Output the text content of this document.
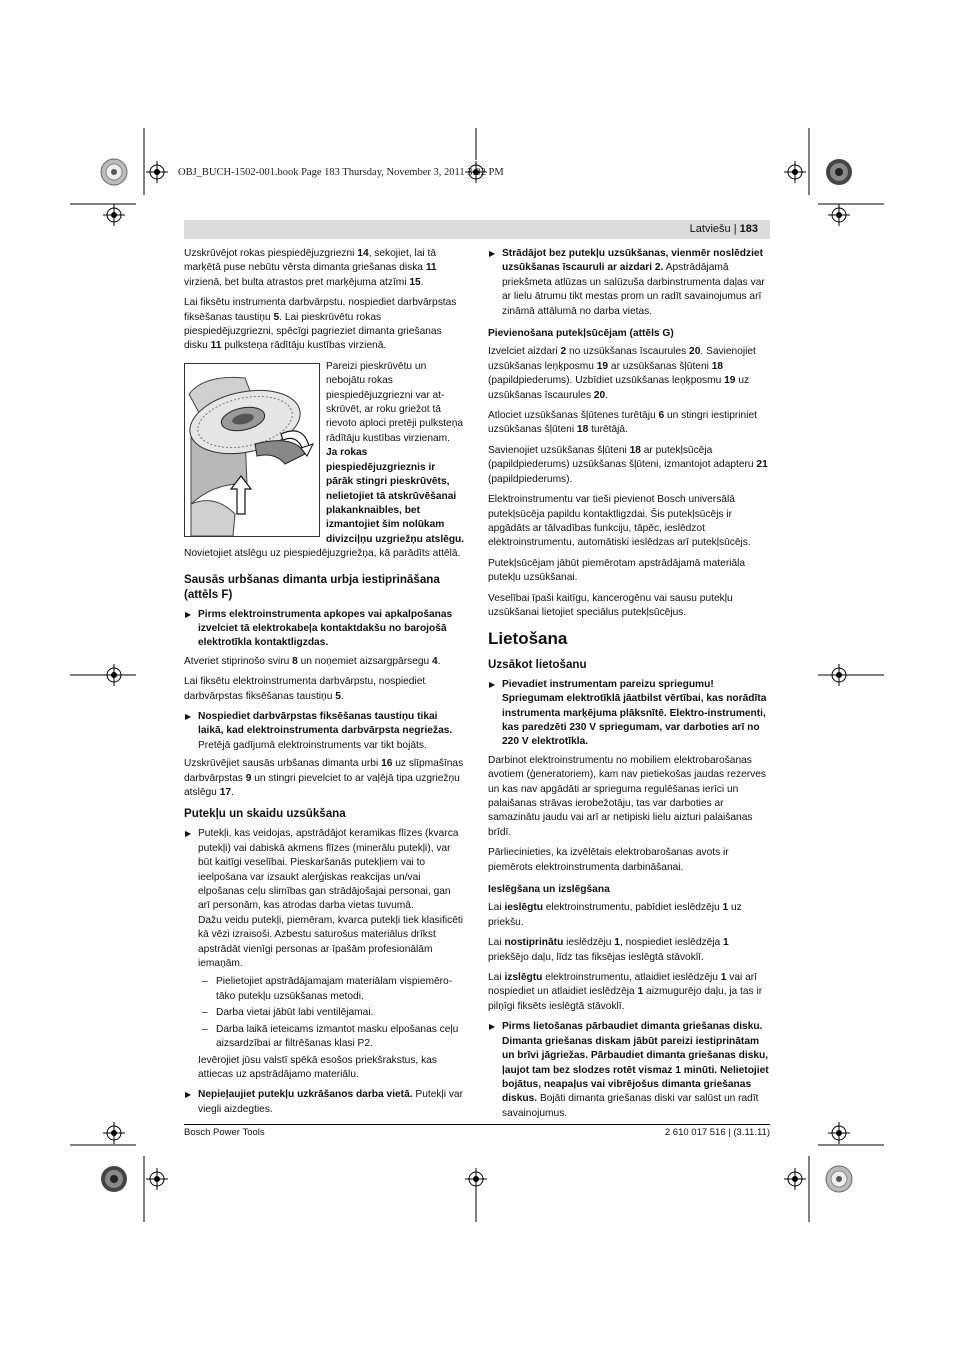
OBJ_BUCH-1502-001.book Page 183 Thursday, November 3, 2011 3:02 PM
Latviešu | 183

Uzskrūvējot rokas piespiedējuzgriezni 14, sekojiet, lai tā marķētā puse nebūtu vērsta dimanta griešanas diska 11 virzienā, bet bulta atrastos pret marķējuma atzīmi 15.

Lai fiksētu instrumenta darbvārpstu, nospiediet darbvārpstas fiksēšanas taustiņu 5. Lai pieskrūvētu rokas piespiedējuzgriezni, spēcīgi pagrieziet dimanta griešanas disku 11 pulksteņa rādītāju kustības virzienā.

Pareizi pieskrūvētu un nebojātu rokas piespiedējuzgriezni var at-skrūvēt, ar roku griežot tā rievoto aploci pretēji pulksteņa rādītāju kustības virzienam.
Ja rokas piespiedējuzgrieznis ir pārāk stingri pieskrūvēts, nelietojiet tā atskrūvēšanai plakanknaibles, bet izmantojiet šim nolūkam divizciļņu uzgriežņu atslēgu. Novietojiet atslēgu uz piespiedējuzgriežņa, kā parādīts attēlā.
Sausās urbšanas dimanta urbja iestiprināšana (attēls F)
▶ Pirms elektroinstrumenta apkopes vai apkalpošanas izvelciet tā elektrokabeļa kontaktdakšu no barojošā elektrotīkla kontaktligzdas.

Atveriet stiprinošo sviru 8 un noņemiet aizsargpārsegu 4.

Lai fiksētu elektroinstrumenta darbvārpstu, nospiediet darbvārpstas fiksēšanas taustiņu 5.

▶ Nospiediet darbvārpstas fiksēšanas taustiņu tikai laikā, kad elektroinstrumenta darbvārpsta negriežas. Pretējā gadījumā elektroinstruments var tikt bojāts.

Uzskrūvējiet sausās urbšanas dimanta urbi 16 uz slīpmašīnas darbvārpstas 9 un stingri pievelciet to ar vaļējā tipa uzgriežņu atslēgu 17.

Putekļu un skaidu uzsūkšana
▶ Putekļi, kas veidojas, apstrādājot keramikas flīzes (kvarca putekļi) vai dabiskā akmens flīzes (minerālu putekļi), var būt kaitīgi veselībai. Pieskaršanās putekļiem vai to ieelpošana var izsaukt alerģiskas reakcijas un/vai elpošanas ceļu slimības gan strādājošajai personai, gan arī personām, kas atrodas darba vietas tuvumā.
Dažu veidu putekļi, piemēram, kvarca putekļi tiek klasificēti kā vēzi izraisoši. Azbestu saturošus materiālus drīkst apstrādāt vienīgi personas ar īpašām profesionālām iemaņām.
– Pielietojiet apstrādājamajam materiālam vispiemēro-tāko putekļu uzsūkšanas metodi.
– Darba vietai jābūt labi ventilējamai.
– Darba laikā ieteicams izmantot masku elpošanas ceļu aizsardzībai ar filtrēšanas klasi P2.

Ievērojiet jūsu valstī spēkā esošos priekšrakstus, kas attiecas uz apstrādājamo materiālu.

▶ Nepieļaujiet putekļu uzkrāšanos darba vietā. Putekļi var viegli aizdegties.
▶ Strādājot bez putekļu uzsūkšanas, vienmēr noslēdziet uzsūkšanas īscauruli ar aizdari 2. Apstrādājamā priekšmeta atlūzas un salūzuša darbinstrumenta daļas var ar lielu ātrumu tikt mestas prom un radīt savainojumus arī zināmā attālumā no darba vietas.
Pievienošana putekļsūcējam (attēls G)

Izvelciet aizdari 2 no uzsūkšanas īscaurules 20. Savienojiet uzsūkšanas leņķposmu 19 ar uzsūkšanas šļūteni 18 (papildpiederums). Uzbīdiet uzsūkšanas leņķposmu 19 uz uzsūkšanas īscaurules 20.

Atlociet uzsūkšanas šļūtenes turētāju 6 un stingri iestipriniet uzsūkšanas šļūteni 18 turētājā.

Savienojiet uzsūkšanas šļūteni 18 ar putekļsūcēja (papildpiederums) uzsūkšanas šļūteni, izmantojot adapteru 21 (papildpiederums).

Elektroinstrumentu var tieši pievienot Bosch universālā putekļsūcēja papildu kontaktligzdai. Šis putekļsūcējs ir apgādāts ar tālvadības funkciju, tāpēc, ieslēdzot elektroinstrumentu, automātiski ieslēdzas arī putekļsūcējs.

Putekļsūcējam jābūt piemērotam apstrādājamā materiāla putekļu uzsūkšanai.

Veselībai īpaši kaitīgu, kancerogēnu vai sausu putekļu uzsūkšanai lietojiet speciālus putekļsūcējus.

Lietošana
Uzsākot lietošanu
▶ Pievadiet instrumentam pareizu spriegumu! Spriegumam elektrotīklā jāatbilst vērtībai, kas norādīta instrumenta marķējuma plāksnītē. Elektro-instrumenti, kas paredzēti 230 V spriegumam, var darboties arī no 220 V elektrotīkla.

Darbinot elektroinstrumentu no mobiliem elektrobarošanas avotiem (ģeneratoriem), kam nav pietiekošas jaudas rezerves un kas nav apgādāti ar sprieguma regulēšanas ierīci un palaišanas strāvas ierobežotāju, tas var darboties ar samazinātu jaudu vai arī ar netipiski lielu aizturi palaišanas brīdī.

Pārliecinieties, ka izvēlētais elektrobarošanas avots ir piemērots elektroinstrumenta darbināšanai.

Ieslēgšana un izslēgšana

Lai ieslēgtu elektroinstrumentu, pabīdiet ieslēdzēju 1 uz priekšu.

Lai nostiprinātu ieslēdzēju 1, nospiediet ieslēdzēja 1 priekšējo daļu, līdz tas fiksējas ieslēgtā stāvoklī.

Lai izslēgtu elektroinstrumentu, atlaidiet ieslēdzēju 1 vai arī nospiediet un atlaidiet ieslēdzēja 1 aizmugurējo daļu, ja tas ir pilņīgi fiksēts ieslēgtā stāvoklī.

▶ Pirms lietošanas pārbaudiet dimanta griešanas disku. Dimanta griešanas diskam jābūt pareizi iestiprinātam un brīvi jāgriežas. Pārbaudiet dimanta griešanas disku, ļaujot tam bez slodzes rotēt vismaz 1 minūti. Nelietojiet bojātus, neapaļus vai vibrējošus dimanta griešanas diskus. Bojāti dimanta griešanas diski var salūst un radīt savainojumus.
Bosch Power Tools	2 610 017 516 | (3.11.11)
